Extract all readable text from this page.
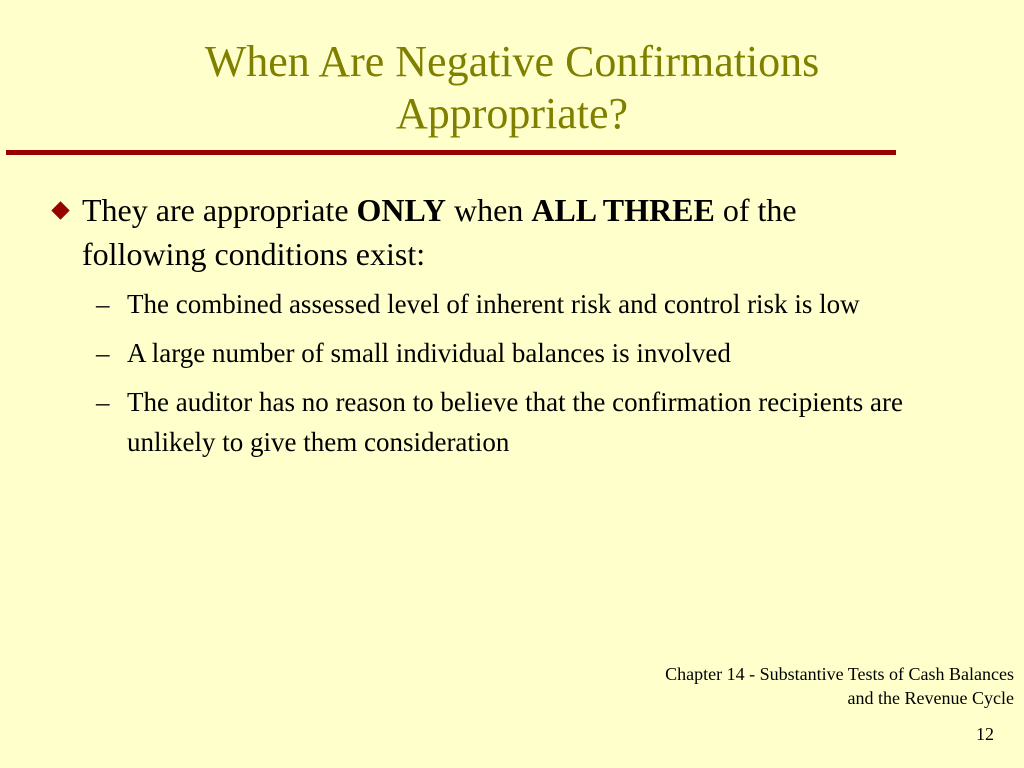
When Are Negative Confirmations
Appropriate?
They are appropriate ONLY when ALL THREE of the following conditions exist:
– The combined assessed level of inherent risk and control risk is low
– A large number of small individual balances is involved
– The auditor has no reason to believe that the confirmation recipients are unlikely to give them consideration
Chapter 14 - Substantive Tests of Cash Balances
and the Revenue Cycle
12
